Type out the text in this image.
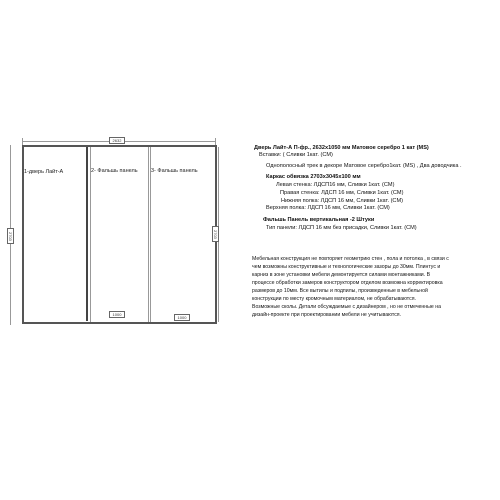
2632
2703
1-дверь Лайт-А	2- Фальшь панель 3- Фальшь панель
1000
1000
2703
Дверь Лайт-А П-фр., 2632x1050 мм Матовое серебро 1 кат (MS)
Вставки: ( Сливки 1кат. (CM)
Однополосный трек в декоре Матовое серебро1кат. (MS) , Два доводчика .
Каркас обвязка 2703x3045x100 мм
Левая стенка: ЛДСП16 мм, Сливки 1кат. (CM)
Правая стенка: ЛДСП 16 мм, Сливки 1кат. (CM)
Нижняя полка: ЛДСП 16 мм, Сливки 1кат. (CM)
Верхняя полка: ЛДСП 16 мм, Сливки 1кат. (CM)
Фальшь Панель вертикальная -2 Штуки
Тип панели: ЛДСП 16 мм без присадки, Сливки 1кат. (CM)
Мебельная конструкция не повторяет геометрию стен , пола и потолка , в связи с
чем возможны конструктивные и технологические зазоры до 30мм. Плинтус и
карниз в зоне установки мебели демонтируется силами монтажниками. В
процессе обработки замеров конструктором отделом возможна корректировка
размеров до 10мм. Все вытилы и подпилы, произведенные в мебельной
конструкции по месту кромочным материалом, не обрабатываются.
Возможные сколы. Детали обсуждаемые с дизайнером , но не отмеченные на
дизайн-проекте при проектировании мебели не учитываются.
